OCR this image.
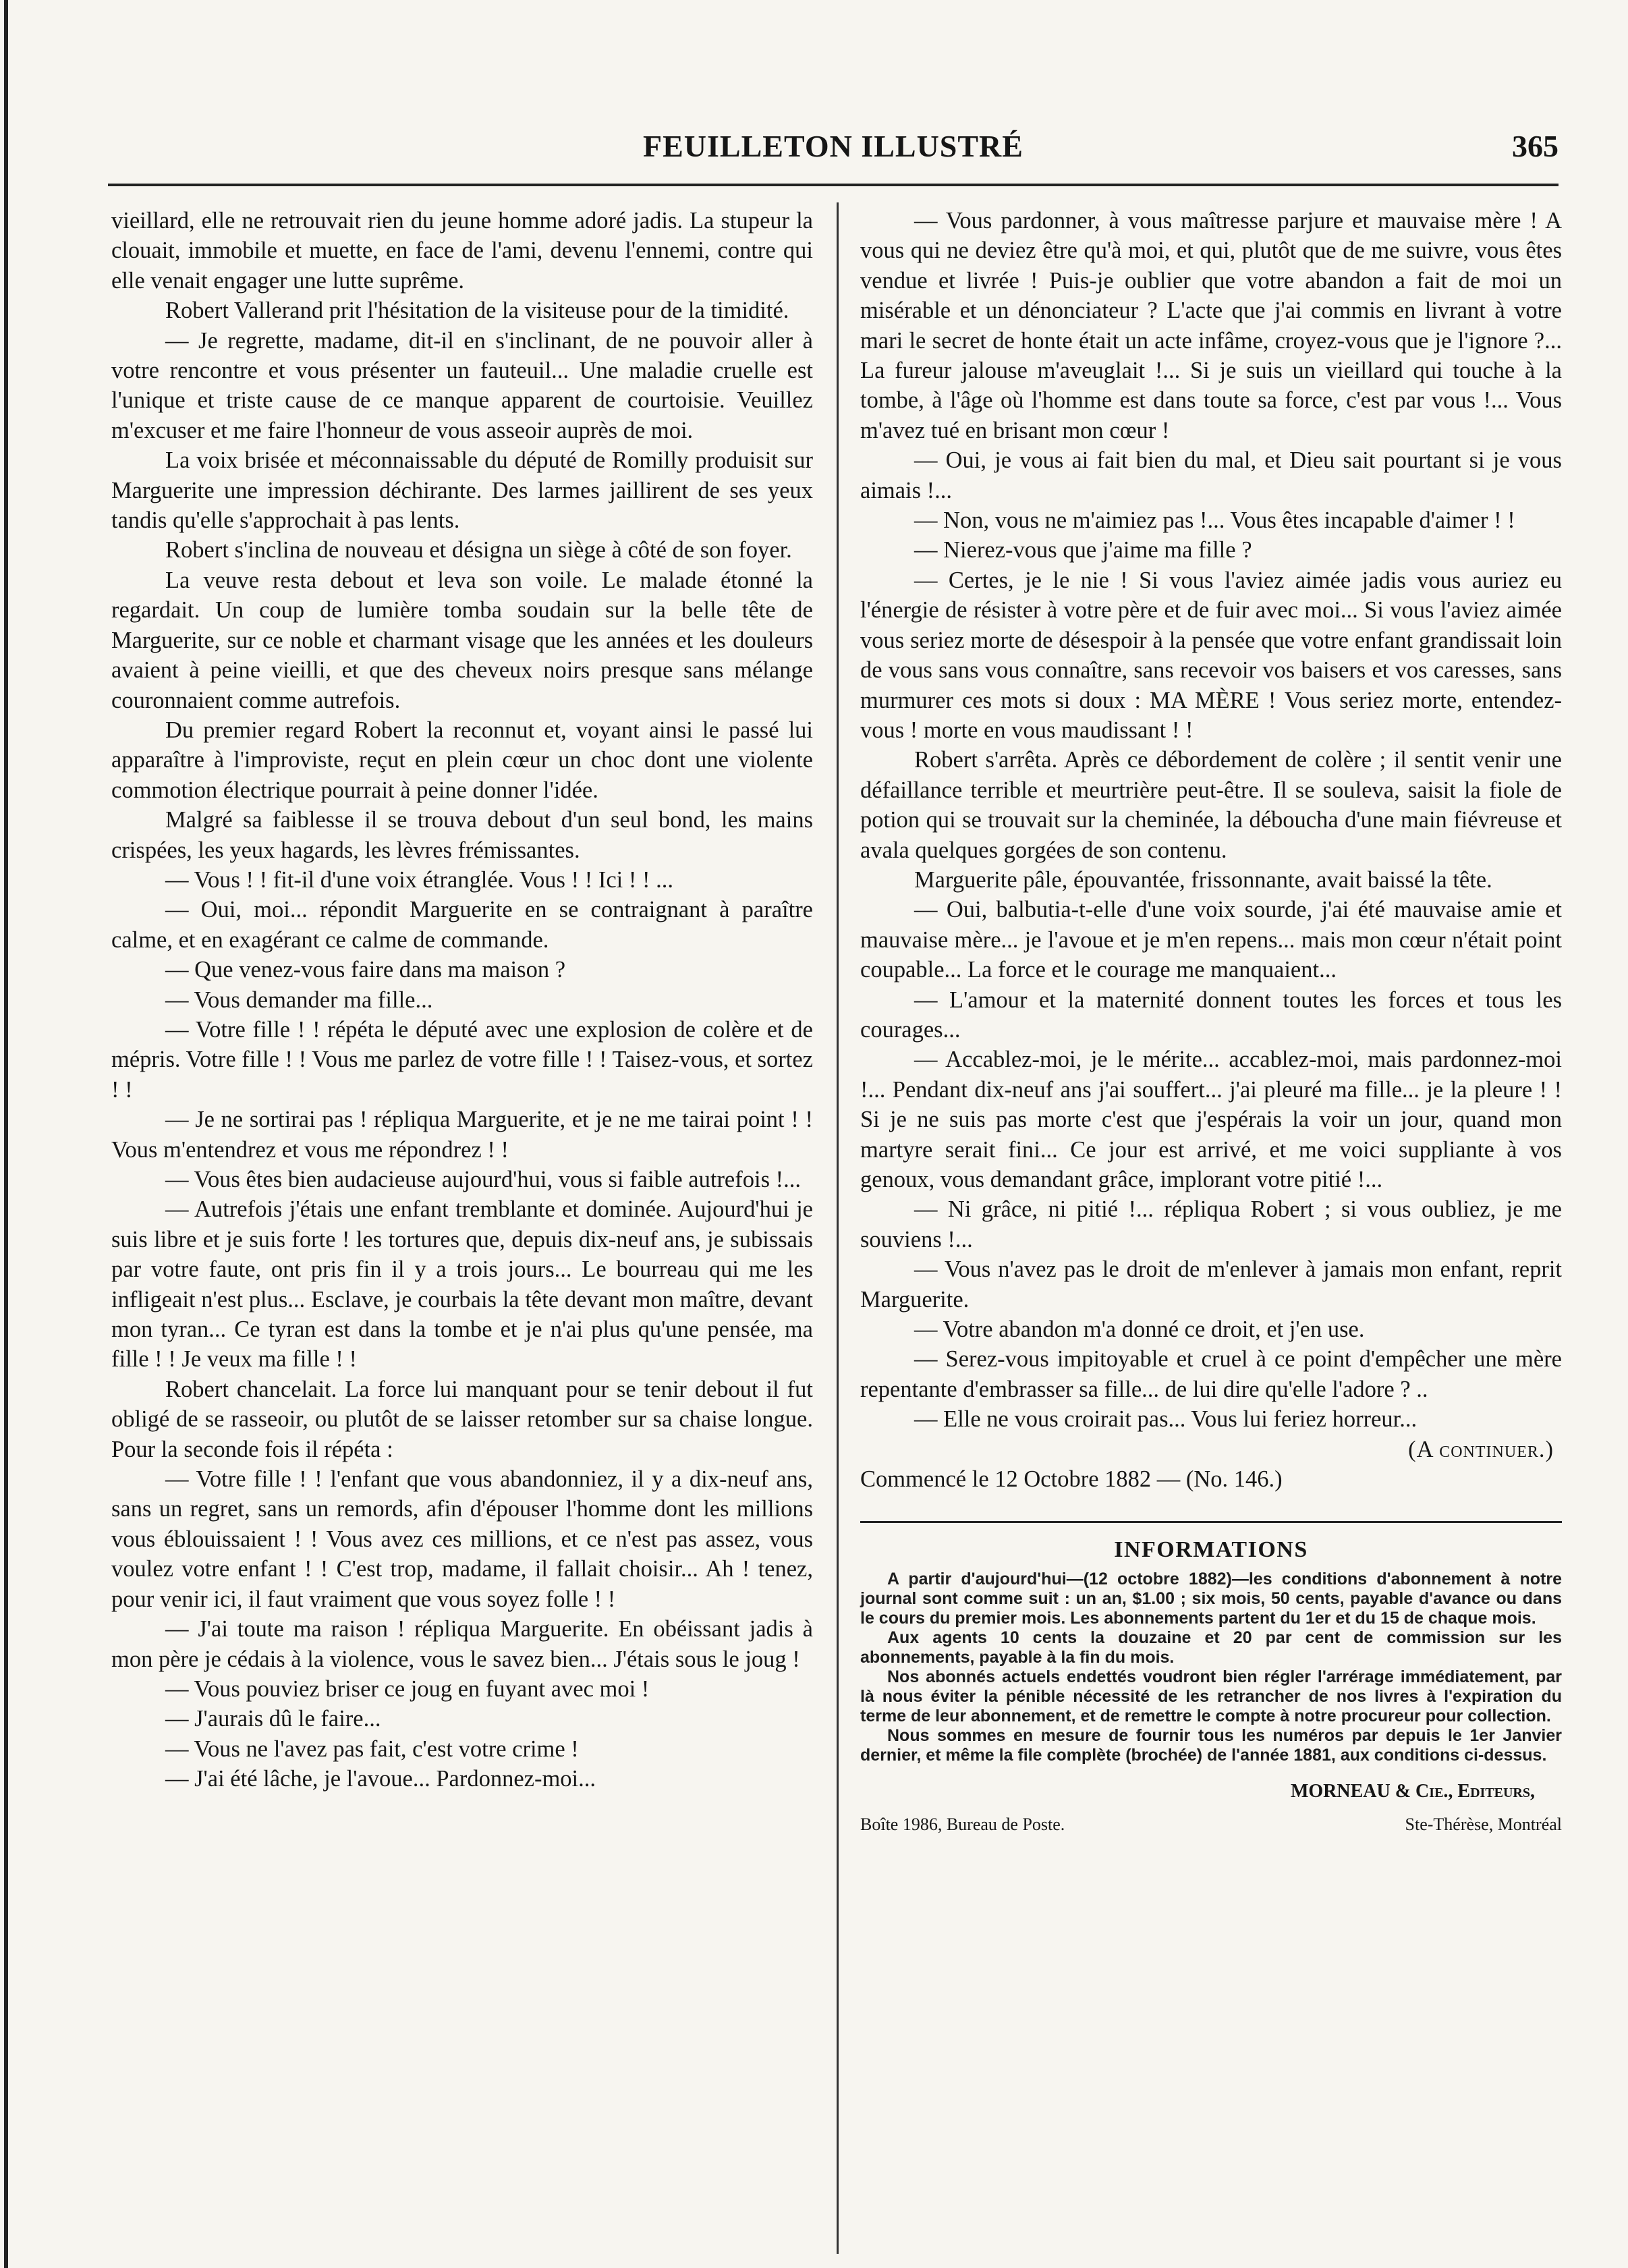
FEUILLETON ILLUSTRÉ	365

vieillard, elle ne retrouvait rien du jeune homme adoré jadis. La stupeur la clouait, immobile et muette, en face de l'ami, devenu l'ennemi, contre qui elle venait engager une lutte suprême.

Robert Vallerand prit l'hésitation de la visiteuse pour de la timidité.

— Je regrette, madame, dit-il en s'inclinant, de ne pouvoir aller à votre rencontre et vous présenter un fauteuil... Une maladie cruelle est l'unique et triste cause de ce manque apparent de courtoisie. Veuillez m'excuser et me faire l'honneur de vous asseoir auprès de moi.

La voix brisée et méconnaissable du député de Romilly produisit sur Marguerite une impression déchirante. Des larmes jaillirent de ses yeux tandis qu'elle s'approchait à pas lents.

Robert s'inclina de nouveau et désigna un siège à côté de son foyer.

La veuve resta debout et leva son voile. Le malade étonné la regardait. Un coup de lumière tomba soudain sur la belle tête de Marguerite, sur ce noble et charmant visage que les années et les douleurs avaient à peine vieilli, et que des cheveux noirs presque sans mélange couronnaient comme autrefois.

Du premier regard Robert la reconnut et, voyant ainsi le passé lui apparaître à l'improviste, reçut en plein cœur un choc dont une violente commotion électrique pourrait à peine donner l'idée.

Malgré sa faiblesse il se trouva debout d'un seul bond, les mains crispées, les yeux hagards, les lèvres frémissantes.

— Vous ! ! fit-il d'une voix étranglée. Vous ! ! Ici ! ! ...

— Oui, moi... répondit Marguerite en se contraignant à paraître calme, et en exagérant ce calme de commande.

— Que venez-vous faire dans ma maison ?

— Vous demander ma fille...

— Votre fille ! ! répéta le député avec une explosion de colère et de mépris. Votre fille ! ! Vous me parlez de votre fille ! ! Taisez-vous, et sortez ! !

— Je ne sortirai pas ! répliqua Marguerite, et je ne me tairai point ! ! Vous m'entendrez et vous me répondrez ! !

— Vous êtes bien audacieuse aujourd'hui, vous si faible autrefois !...

— Autrefois j'étais une enfant tremblante et dominée. Aujourd'hui je suis libre et je suis forte ! les tortures que, depuis dix-neuf ans, je subissais par votre faute, ont pris fin il y a trois jours... Le bourreau qui me les infligeait n'est plus... Esclave, je courbais la tête devant mon maître, devant mon tyran... Ce tyran est dans la tombe et je n'ai plus qu'une pensée, ma fille ! ! Je veux ma fille ! !

Robert chancelait. La force lui manquant pour se tenir debout il fut obligé de se rasseoir, ou plutôt de se laisser retomber sur sa chaise longue. Pour la seconde fois il répéta :

— Votre fille ! ! l'enfant que vous abandonniez, il y a dix-neuf ans, sans un regret, sans un remords, afin d'épouser l'homme dont les millions vous éblouissaient ! ! Vous avez ces millions, et ce n'est pas assez, vous voulez votre enfant ! ! C'est trop, madame, il fallait choisir... Ah ! tenez, pour venir ici, il faut vraiment que vous soyez folle ! !

— J'ai toute ma raison ! répliqua Marguerite. En obéissant jadis à mon père je cédais à la violence, vous le savez bien... J'étais sous le joug !

— Vous pouviez briser ce joug en fuyant avec moi !

— J'aurais dû le faire...

— Vous ne l'avez pas fait, c'est votre crime !

— J'ai été lâche, je l'avoue... Pardonnez-moi...

— Vous pardonner, à vous maîtresse parjure et mauvaise mère ! A vous qui ne deviez être qu'à moi, et qui, plutôt que de me suivre, vous êtes vendue et livrée ! Puis-je oublier que votre abandon a fait de moi un misérable et un dénonciateur ? L'acte que j'ai commis en livrant à votre mari le secret de honte était un acte infâme, croyez-vous que je l'ignore ?... La fureur jalouse m'aveuglait !... Si je suis un vieillard qui touche à la tombe, à l'âge où l'homme est dans toute sa force, c'est par vous !... Vous m'avez tué en brisant mon cœur !

— Oui, je vous ai fait bien du mal, et Dieu sait pourtant si je vous aimais !...

— Non, vous ne m'aimiez pas !... Vous êtes incapable d'aimer ! !

— Nierez-vous que j'aime ma fille ?

— Certes, je le nie ! Si vous l'aviez aimée jadis vous auriez eu l'énergie de résister à votre père et de fuir avec moi... Si vous l'aviez aimée vous seriez morte de désespoir à la pensée que votre enfant grandissait loin de vous sans vous connaître, sans recevoir vos baisers et vos caresses, sans murmurer ces mots si doux : MA MÈRE ! Vous seriez morte, entendez-vous ! morte en vous maudissant ! !

Robert s'arrêta. Après ce débordement de colère ; il sentit venir une défaillance terrible et meurtrière peut-être. Il se souleva, saisit la fiole de potion qui se trouvait sur la cheminée, la déboucha d'une main fiévreuse et avala quelques gorgées de son contenu.

Marguerite pâle, épouvantée, frissonnante, avait baissé la tête.

— Oui, balbutia-t-elle d'une voix sourde, j'ai été mauvaise amie et mauvaise mère... je l'avoue et je m'en repens... mais mon cœur n'était point coupable... La force et le courage me manquaient...

— L'amour et la maternité donnent toutes les forces et tous les courages...

— Accablez-moi, je le mérite... accablez-moi, mais pardonnez-moi !... Pendant dix-neuf ans j'ai souffert... j'ai pleuré ma fille... je la pleure ! ! Si je ne suis pas morte c'est que j'espérais la voir un jour, quand mon martyre serait fini... Ce jour est arrivé, et me voici suppliante à vos genoux, vous demandant grâce, implorant votre pitié !...

— Ni grâce, ni pitié !... répliqua Robert ; si vous oubliez, je me souviens !...

— Vous n'avez pas le droit de m'enlever à jamais mon enfant, reprit Marguerite.

— Votre abandon m'a donné ce droit, et j'en use.

— Serez-vous impitoyable et cruel à ce point d'empêcher une mère repentante d'embrasser sa fille... de lui dire qu'elle l'adore ? ..

— Elle ne vous croirait pas... Vous lui feriez horreur...

(A continuer.)

Commencé le 12 Octobre 1882 — (No. 146.)

INFORMATIONS

A partir d'aujourd'hui—(12 octobre 1882)—les conditions d'abonnement à notre journal sont comme suit : un an, $1.00 ; six mois, 50 cents, payable d'avance ou dans le cours du premier mois. Les abonnements partent du 1er et du 15 de chaque mois.

Aux agents 10 cents la douzaine et 20 par cent de commission sur les abonnements, payable à la fin du mois.

Nos abonnés actuels endettés voudront bien régler l'arrérage immédiatement, par là nous éviter la pénible nécessité de les retrancher de nos livres à l'expiration du terme de leur abonnement, et de remettre le compte à notre procureur pour collection.

Nous sommes en mesure de fournir tous les numéros par depuis le 1er Janvier dernier, et même la file complète (brochée) de l'année 1881, aux conditions ci-dessus.

MORNEAU & Cie., Editeurs,
Boîte 1986, Bureau de Poste.	Ste-Thérèse, Montréal
